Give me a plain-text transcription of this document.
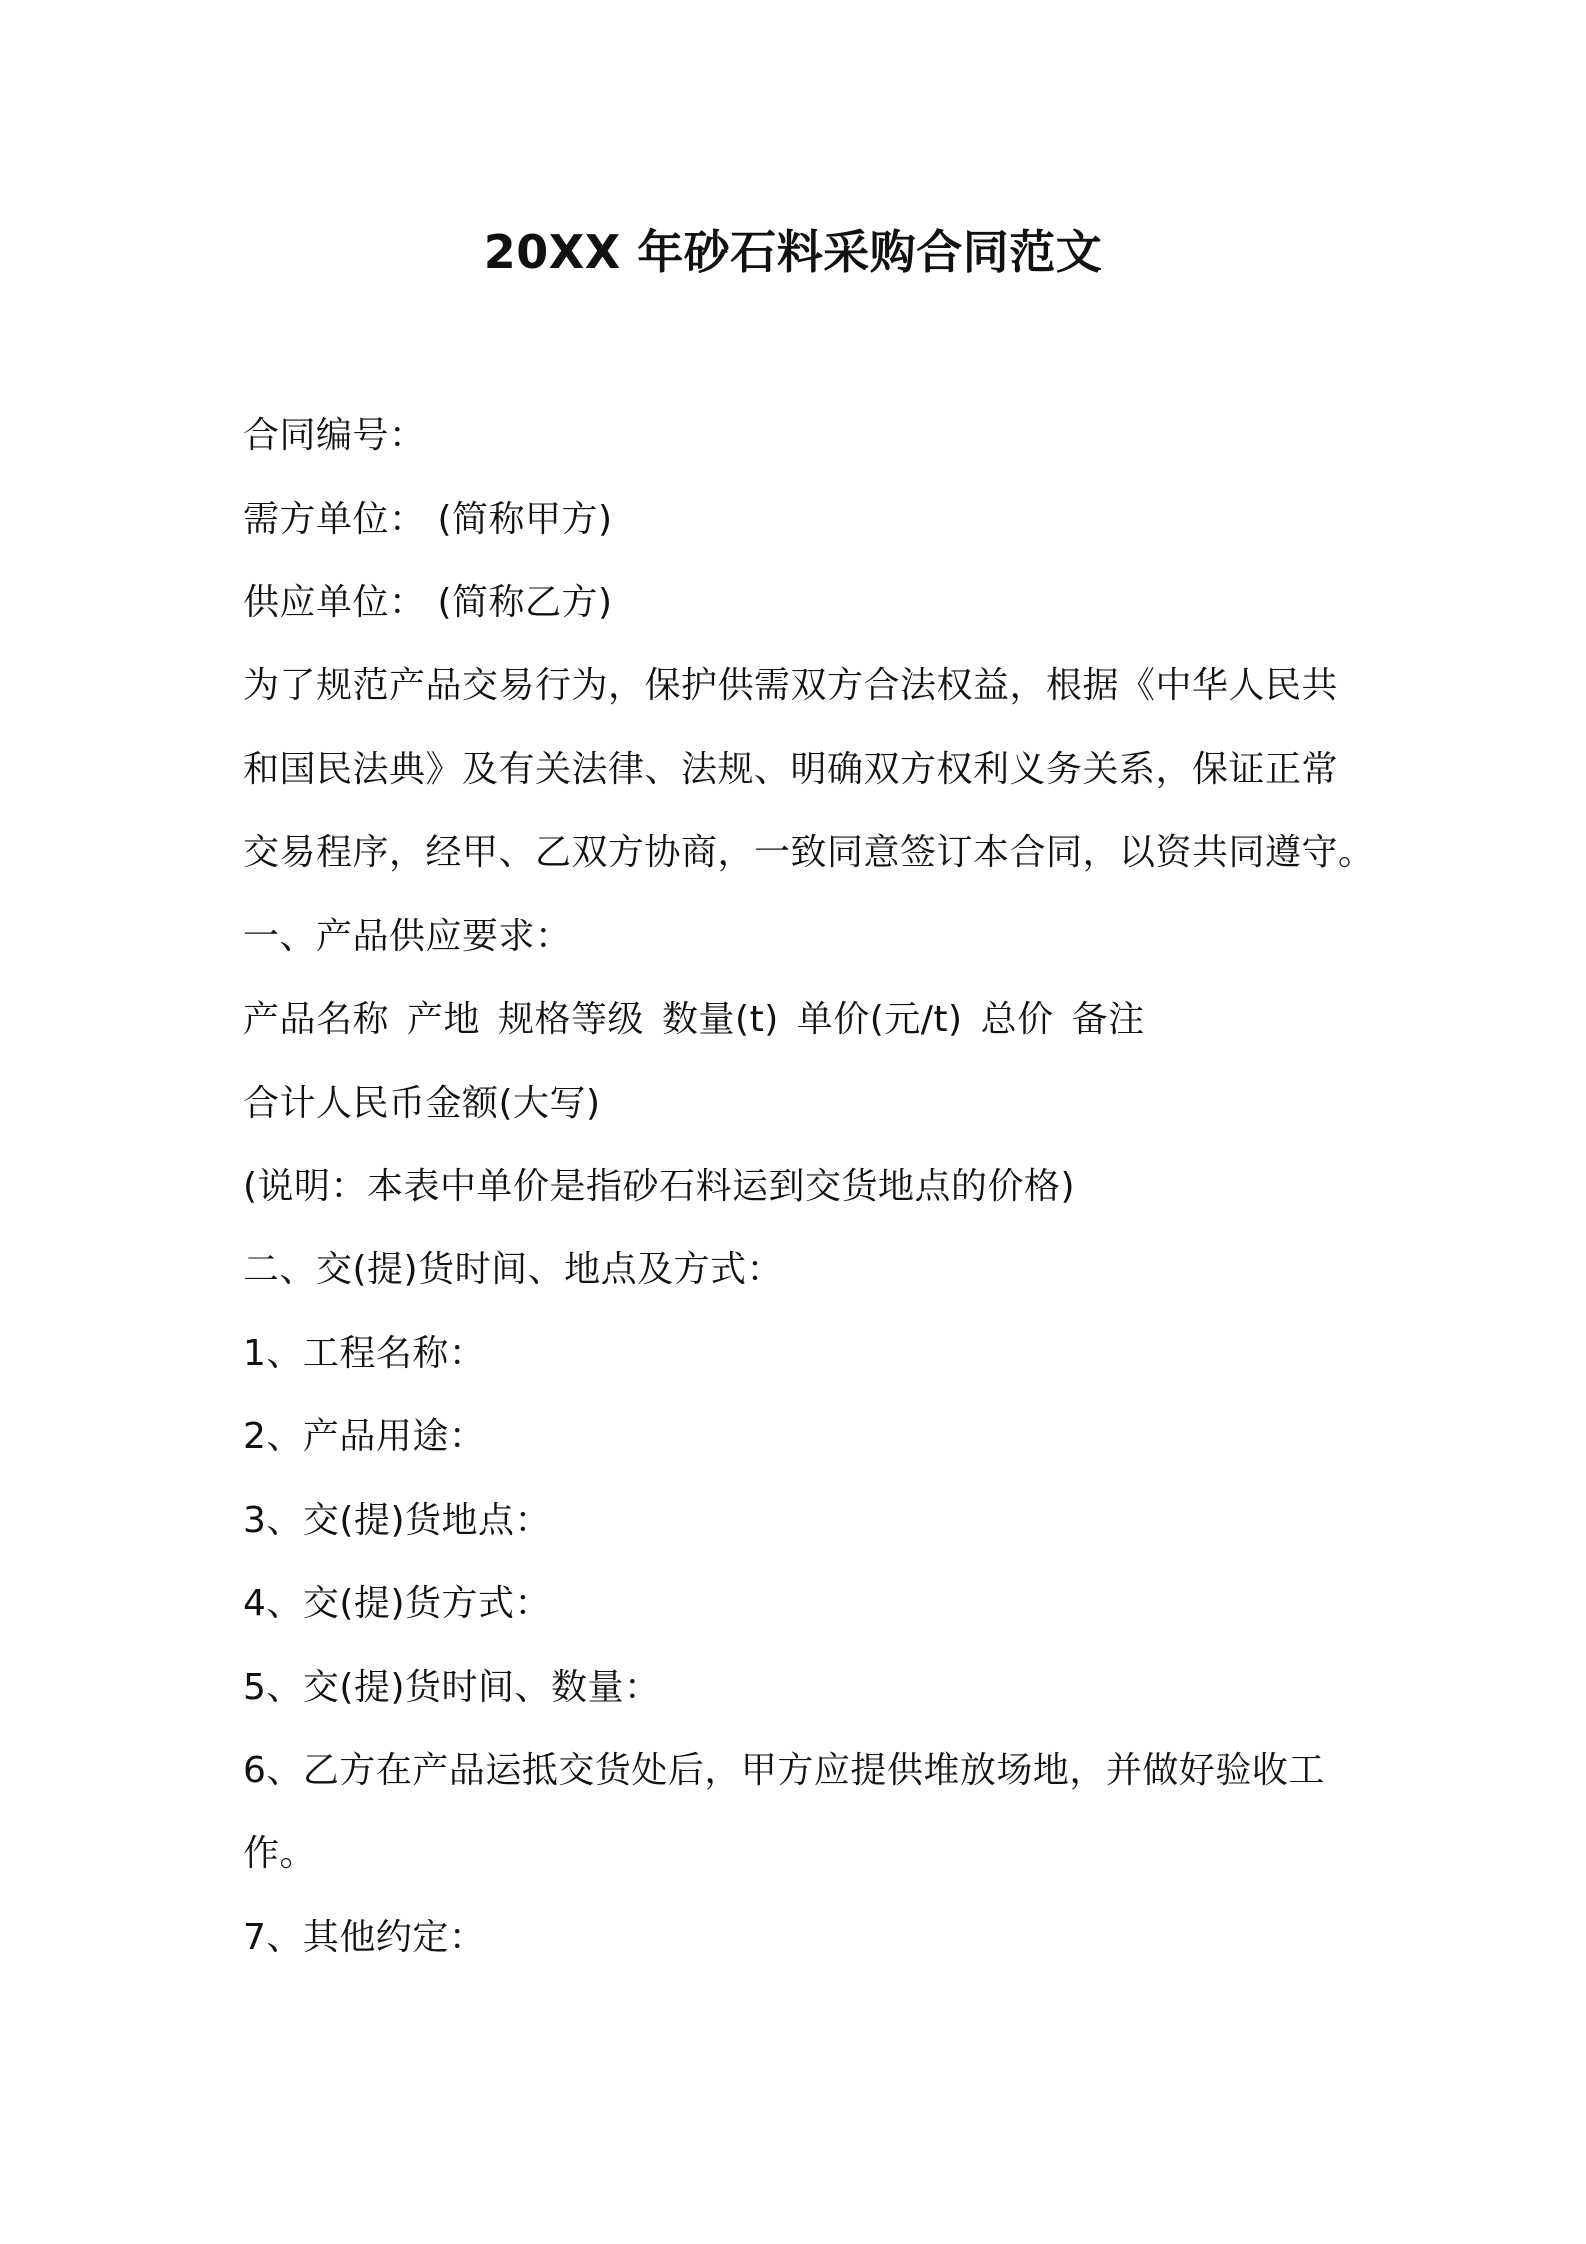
20XX 年砂石料采购合同范文
合同编号：
需方单位： (简称甲方)
供应单位： (简称乙方)
为了规范产品交易行为，保护供需双方合法权益，根据《中华人民共
和国民法典》及有关法律、法规、明确双方权利义务关系，保证正常
交易程序，经甲、乙双方协商，一致同意签订本合同，以资共同遵守。
一、产品供应要求：
产品名称 产地 规格等级 数量(t) 单价(元/t) 总价 备注
合计人民币金额(大写)
(说明：本表中单价是指砂石料运到交货地点的价格)
二、交(提)货时间、地点及方式：
1、工程名称：
2、产品用途：
3、交(提)货地点：
4、交(提)货方式：
5、交(提)货时间、数量：
6、乙方在产品运抵交货处后，甲方应提供堆放场地，并做好验收工
作。
7、其他约定：
